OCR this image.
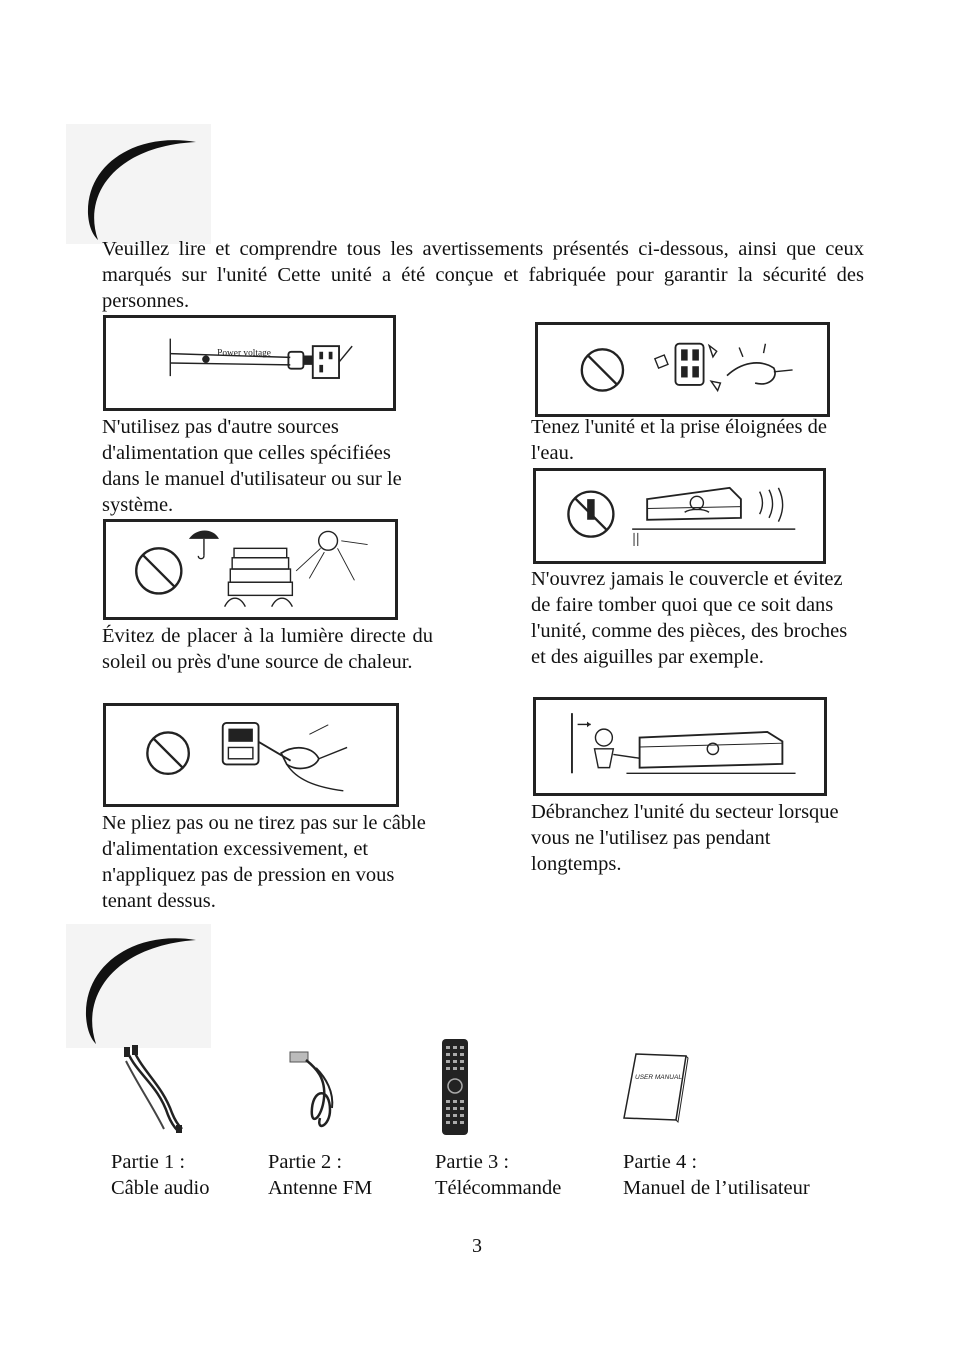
Veuillez lire et comprendre tous les avertissements présentés ci-dessous, ainsi que ceux marqués sur l'unité Cette unité a été conçue et fabriquée pour garantir la sécurité des personnes.

Power voltage

N'utilisez pas d'autre sources d'alimentation que celles spécifiées dans le manuel d'utilisateur ou sur le système.

Tenez l'unité et la prise éloignées de l'eau.

Évitez de placer à la lumière directe du soleil ou près d'une source de chaleur.

N'ouvrez jamais le couvercle et évitez de faire tomber quoi que ce soit dans l'unité, comme des pièces, des broches et des aiguilles par exemple.

Ne pliez pas ou ne tirez pas sur le câble d'alimentation excessivement, et n'appliquez pas de pression en vous tenant dessus.

Débranchez l'unité du secteur lorsque vous ne l'utilisez pas pendant longtemps.

USER MANUAL
Partie 1 :
Câble audio
Partie 2 :
Antenne FM
Partie 3 :
Télécommande
Partie 4 :
Manuel de l’utilisateur
3
